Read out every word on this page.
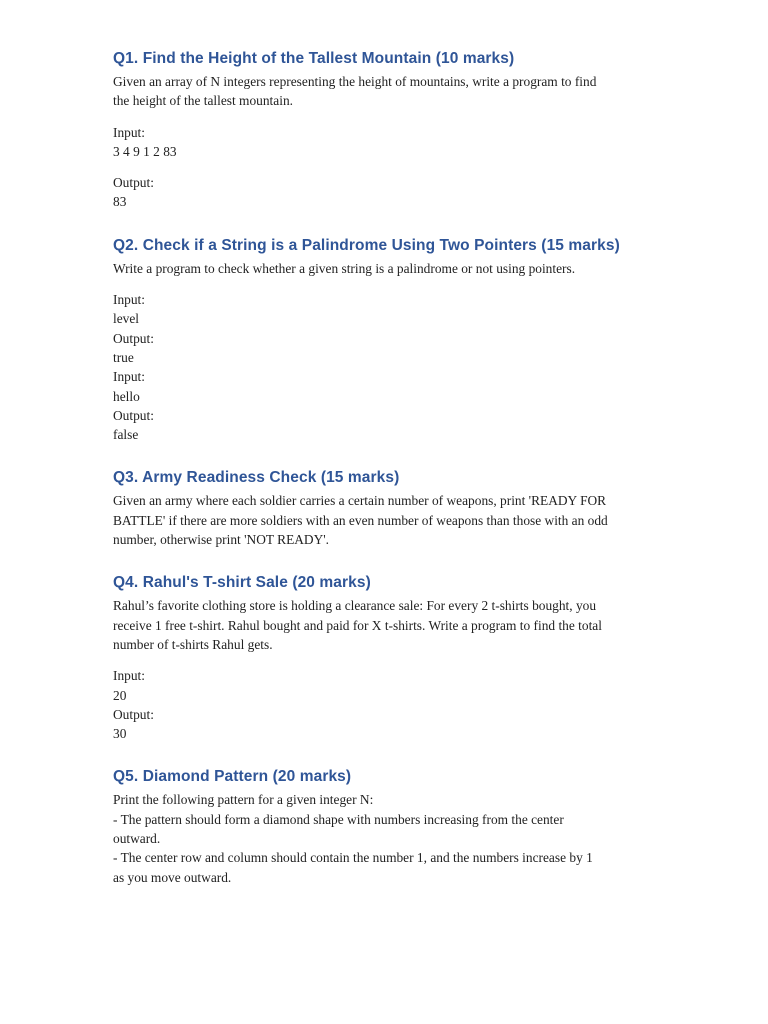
Q1. Find the Height of the Tallest Mountain (10 marks)

Given an array of N integers representing the height of mountains, write a program to find

the height of the tallest mountain.

Input:

3 4 9 1 2 83

Output:

83

Q2. Check if a String is a Palindrome Using Two Pointers (15 marks)

Write a program to check whether a given string is a palindrome or not using pointers.

Input:

level

Output:

true

Input:

hello

Output:

false

Q3. Army Readiness Check (15 marks)

Given an army where each soldier carries a certain number of weapons, print 'READY FOR

BATTLE' if there are more soldiers with an even number of weapons than those with an odd

number, otherwise print 'NOT READY'.

Q4. Rahul's T-shirt Sale (20 marks)

Rahul’s favorite clothing store is holding a clearance sale: For every 2 t-shirts bought, you

receive 1 free t-shirt. Rahul bought and paid for X t-shirts. Write a program to find the total

number of t-shirts Rahul gets.

Input:

20

Output:

30

Q5. Diamond Pattern (20 marks)

Print the following pattern for a given integer N:

- The pattern should form a diamond shape with numbers increasing from the center

outward.

- The center row and column should contain the number 1, and the numbers increase by 1

as you move outward.
